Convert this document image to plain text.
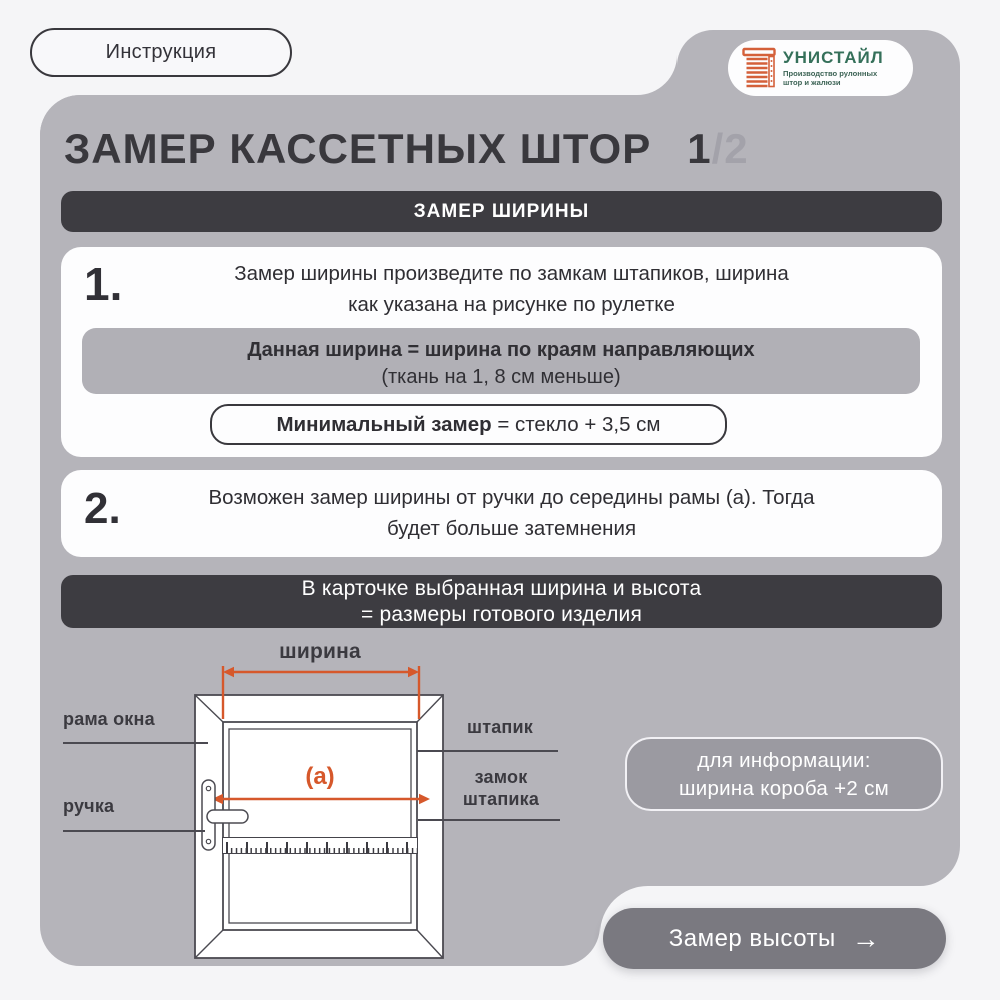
Инструкция	УНИСТАЙЛ
Производство рулонных
штор и жалюзи
ЗАМЕР КАССЕТНЫХ ШТОР 1/2
ЗАМЕР ШИРИНЫ
1.	Замер ширины произведите по замкам штапиков, ширина
как указана на рисунке по рулетке
Данная ширина = ширина по краям направляющих
(ткань на 1, 8 см меньше)
Минимальный замер = стекло + 3,5 см
2.	Возможен замер ширины от ручки до середины рамы (а). Тогда
будет больше затемнения
В карточке выбранная ширина и высота
= размеры готового изделия
ширина
(а)
рама окна
ручка
штапик
замок
штапика
для информации:
ширина короба +2 см
Замер высоты →
